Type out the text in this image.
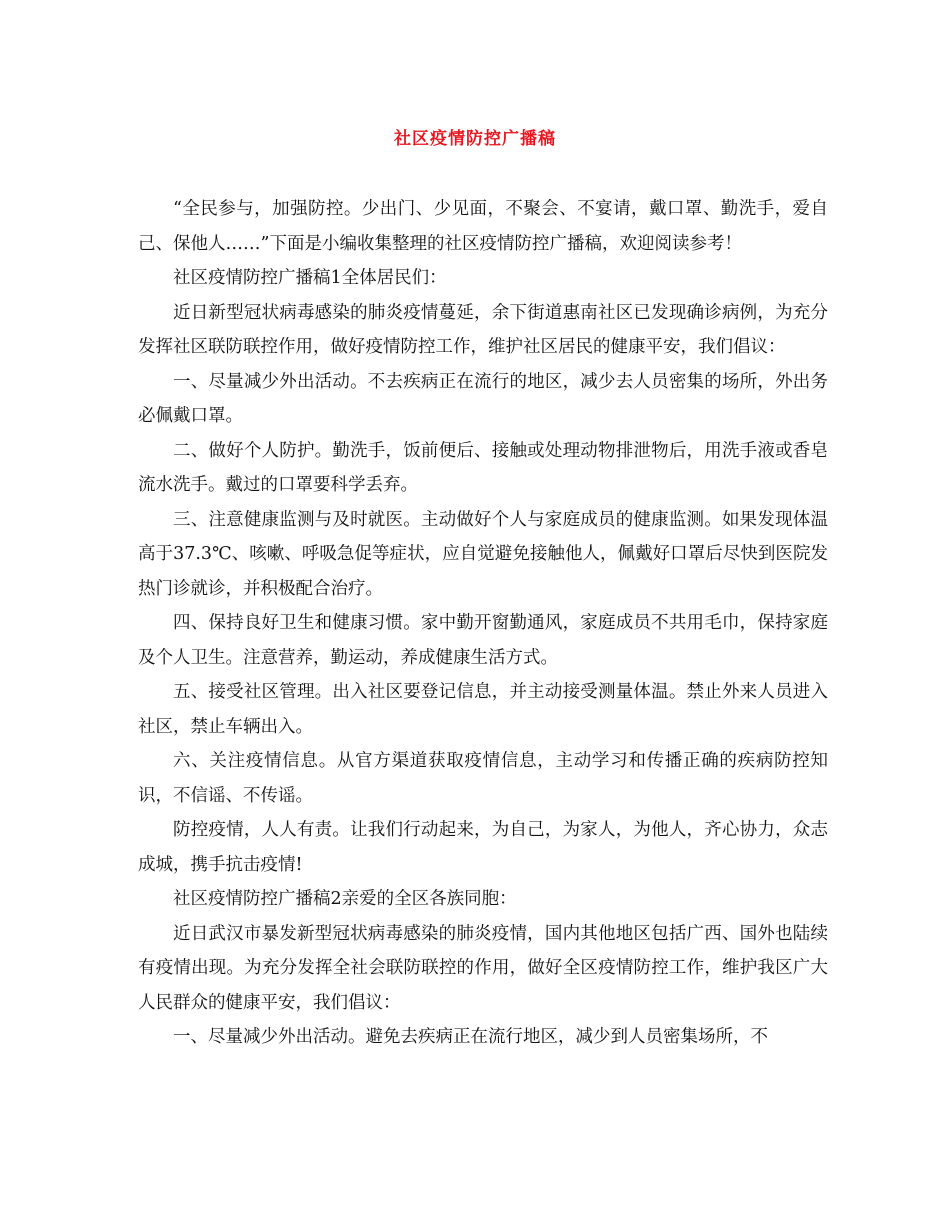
社区疫情防控广播稿

“全民参与，加强防控。少出门、少见面，不聚会、不宴请，戴口罩、勤洗手，爱自己、保他人……”下面是小编收集整理的社区疫情防控广播稿，欢迎阅读参考！

社区疫情防控广播稿1全体居民们：

近日新型冠状病毒感染的肺炎疫情蔓延，余下街道惠南社区已发现确诊病例，为充分发挥社区联防联控作用，做好疫情防控工作，维护社区居民的健康平安，我们倡议：

一、尽量减少外出活动。不去疾病正在流行的地区，减少去人员密集的场所，外出务必佩戴口罩。

二、做好个人防护。勤洗手，饭前便后、接触或处理动物排泄物后，用洗手液或香皂流水洗手。戴过的口罩要科学丢弃。

三、注意健康监测与及时就医。主动做好个人与家庭成员的健康监测。如果发现体温高于37.3℃、咳嗽、呼吸急促等症状，应自觉避免接触他人，佩戴好口罩后尽快到医院发热门诊就诊，并积极配合治疗。

四、保持良好卫生和健康习惯。家中勤开窗勤通风，家庭成员不共用毛巾，保持家庭及个人卫生。注意营养，勤运动，养成健康生活方式。

五、接受社区管理。出入社区要登记信息，并主动接受测量体温。禁止外来人员进入社区，禁止车辆出入。

六、关注疫情信息。从官方渠道获取疫情信息，主动学习和传播正确的疾病防控知识，不信谣、不传谣。

防控疫情，人人有责。让我们行动起来，为自己，为家人，为他人，齐心协力，众志成城，携手抗击疫情!

社区疫情防控广播稿2亲爱的全区各族同胞：

近日武汉市暴发新型冠状病毒感染的肺炎疫情，国内其他地区包括广西、国外也陆续有疫情出现。为充分发挥全社会联防联控的作用，做好全区疫情防控工作，维护我区广大人民群众的健康平安，我们倡议：

一、尽量减少外出活动。避免去疾病正在流行地区，减少到人员密集场所，不
